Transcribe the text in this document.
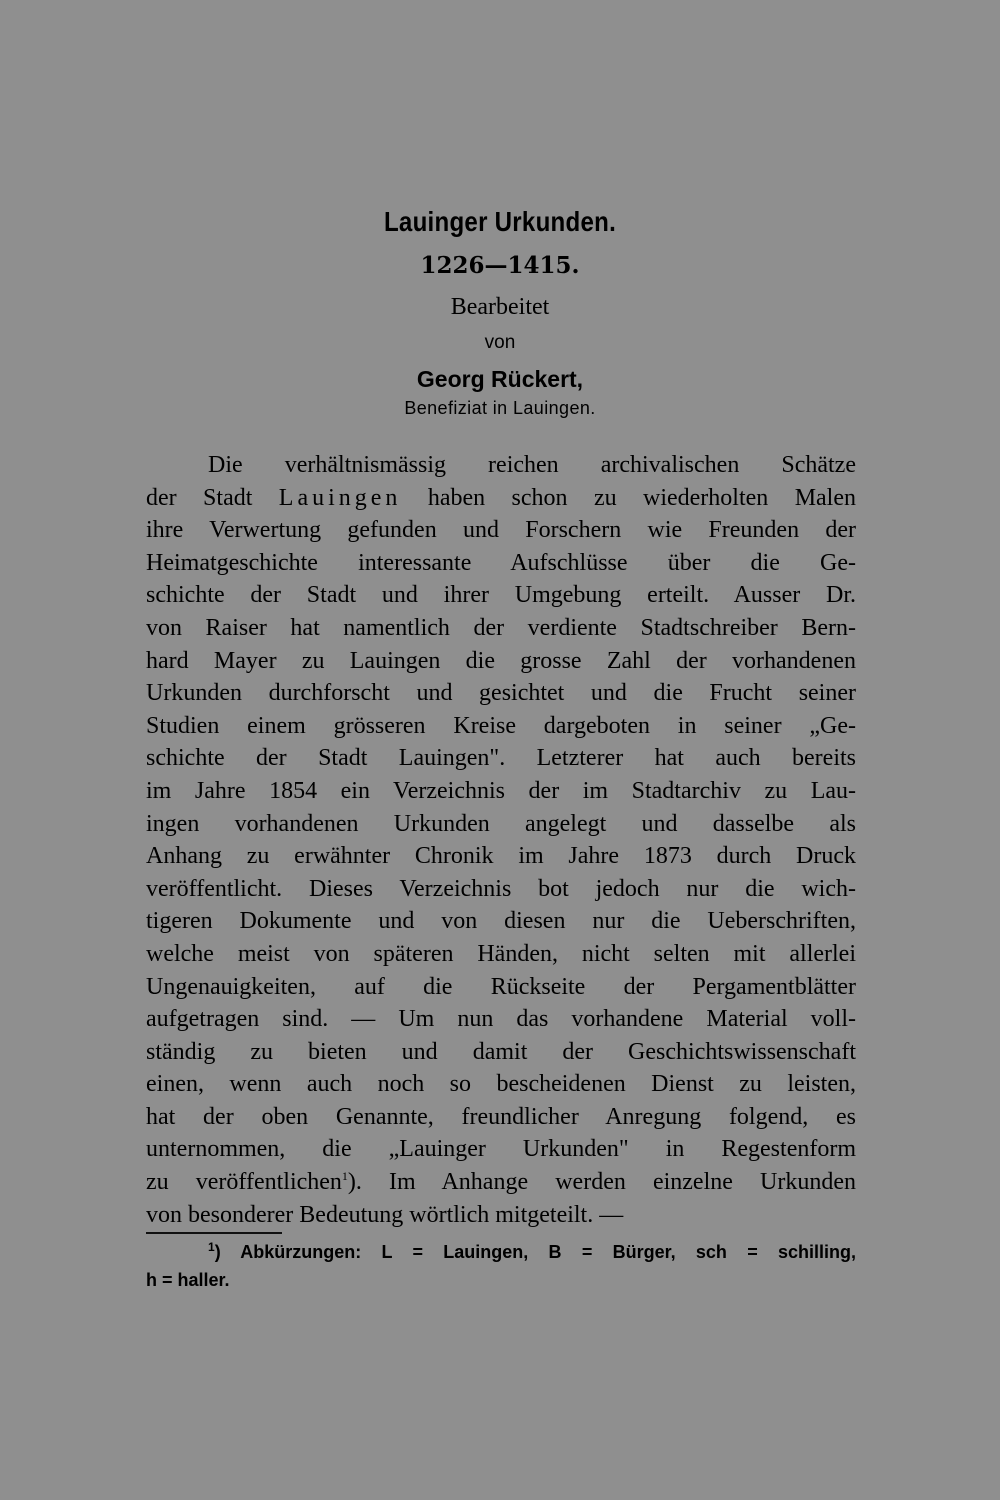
Lauinger Urkunden.
1226—1415.
Bearbeitet
von
Georg Rückert,
Benefiziat in Lauingen.
Die verhältnismässig reichen archivalischen Schätze
der Stadt Lauingen haben schon zu wiederholten Malen
ihre Verwertung gefunden und Forschern wie Freunden der
Heimatgeschichte interessante Aufschlüsse über die Ge-
schichte der Stadt und ihrer Umgebung erteilt. Ausser Dr.
von Raiser hat namentlich der verdiente Stadtschreiber Bern-
hard Mayer zu Lauingen die grosse Zahl der vorhandenen
Urkunden durchforscht und gesichtet und die Frucht seiner
Studien einem grösseren Kreise dargeboten in seiner „Ge-
schichte der Stadt Lauingen". Letzterer hat auch bereits
im Jahre 1854 ein Verzeichnis der im Stadtarchiv zu Lau-
ingen vorhandenen Urkunden angelegt und dasselbe als
Anhang zu erwähnter Chronik im Jahre 1873 durch Druck
veröffentlicht. Dieses Verzeichnis bot jedoch nur die wich-
tigeren Dokumente und von diesen nur die Ueberschriften,
welche meist von späteren Händen, nicht selten mit allerlei
Ungenauigkeiten, auf die Rückseite der Pergamentblätter
aufgetragen sind. — Um nun das vorhandene Material voll-
ständig zu bieten und damit der Geschichtswissenschaft
einen, wenn auch noch so bescheidenen Dienst zu leisten,
hat der oben Genannte, freundlicher Anregung folgend, es
unternommen, die „Lauinger Urkunden" in Regestenform
zu veröffentlichen$^1$). Im Anhange werden einzelne Urkunden
von besonderer Bedeutung wörtlich mitgeteilt. —
$^1$) Abkürzungen: L = Lauingen, B = Bürger, sch = schilling,
h = haller.
